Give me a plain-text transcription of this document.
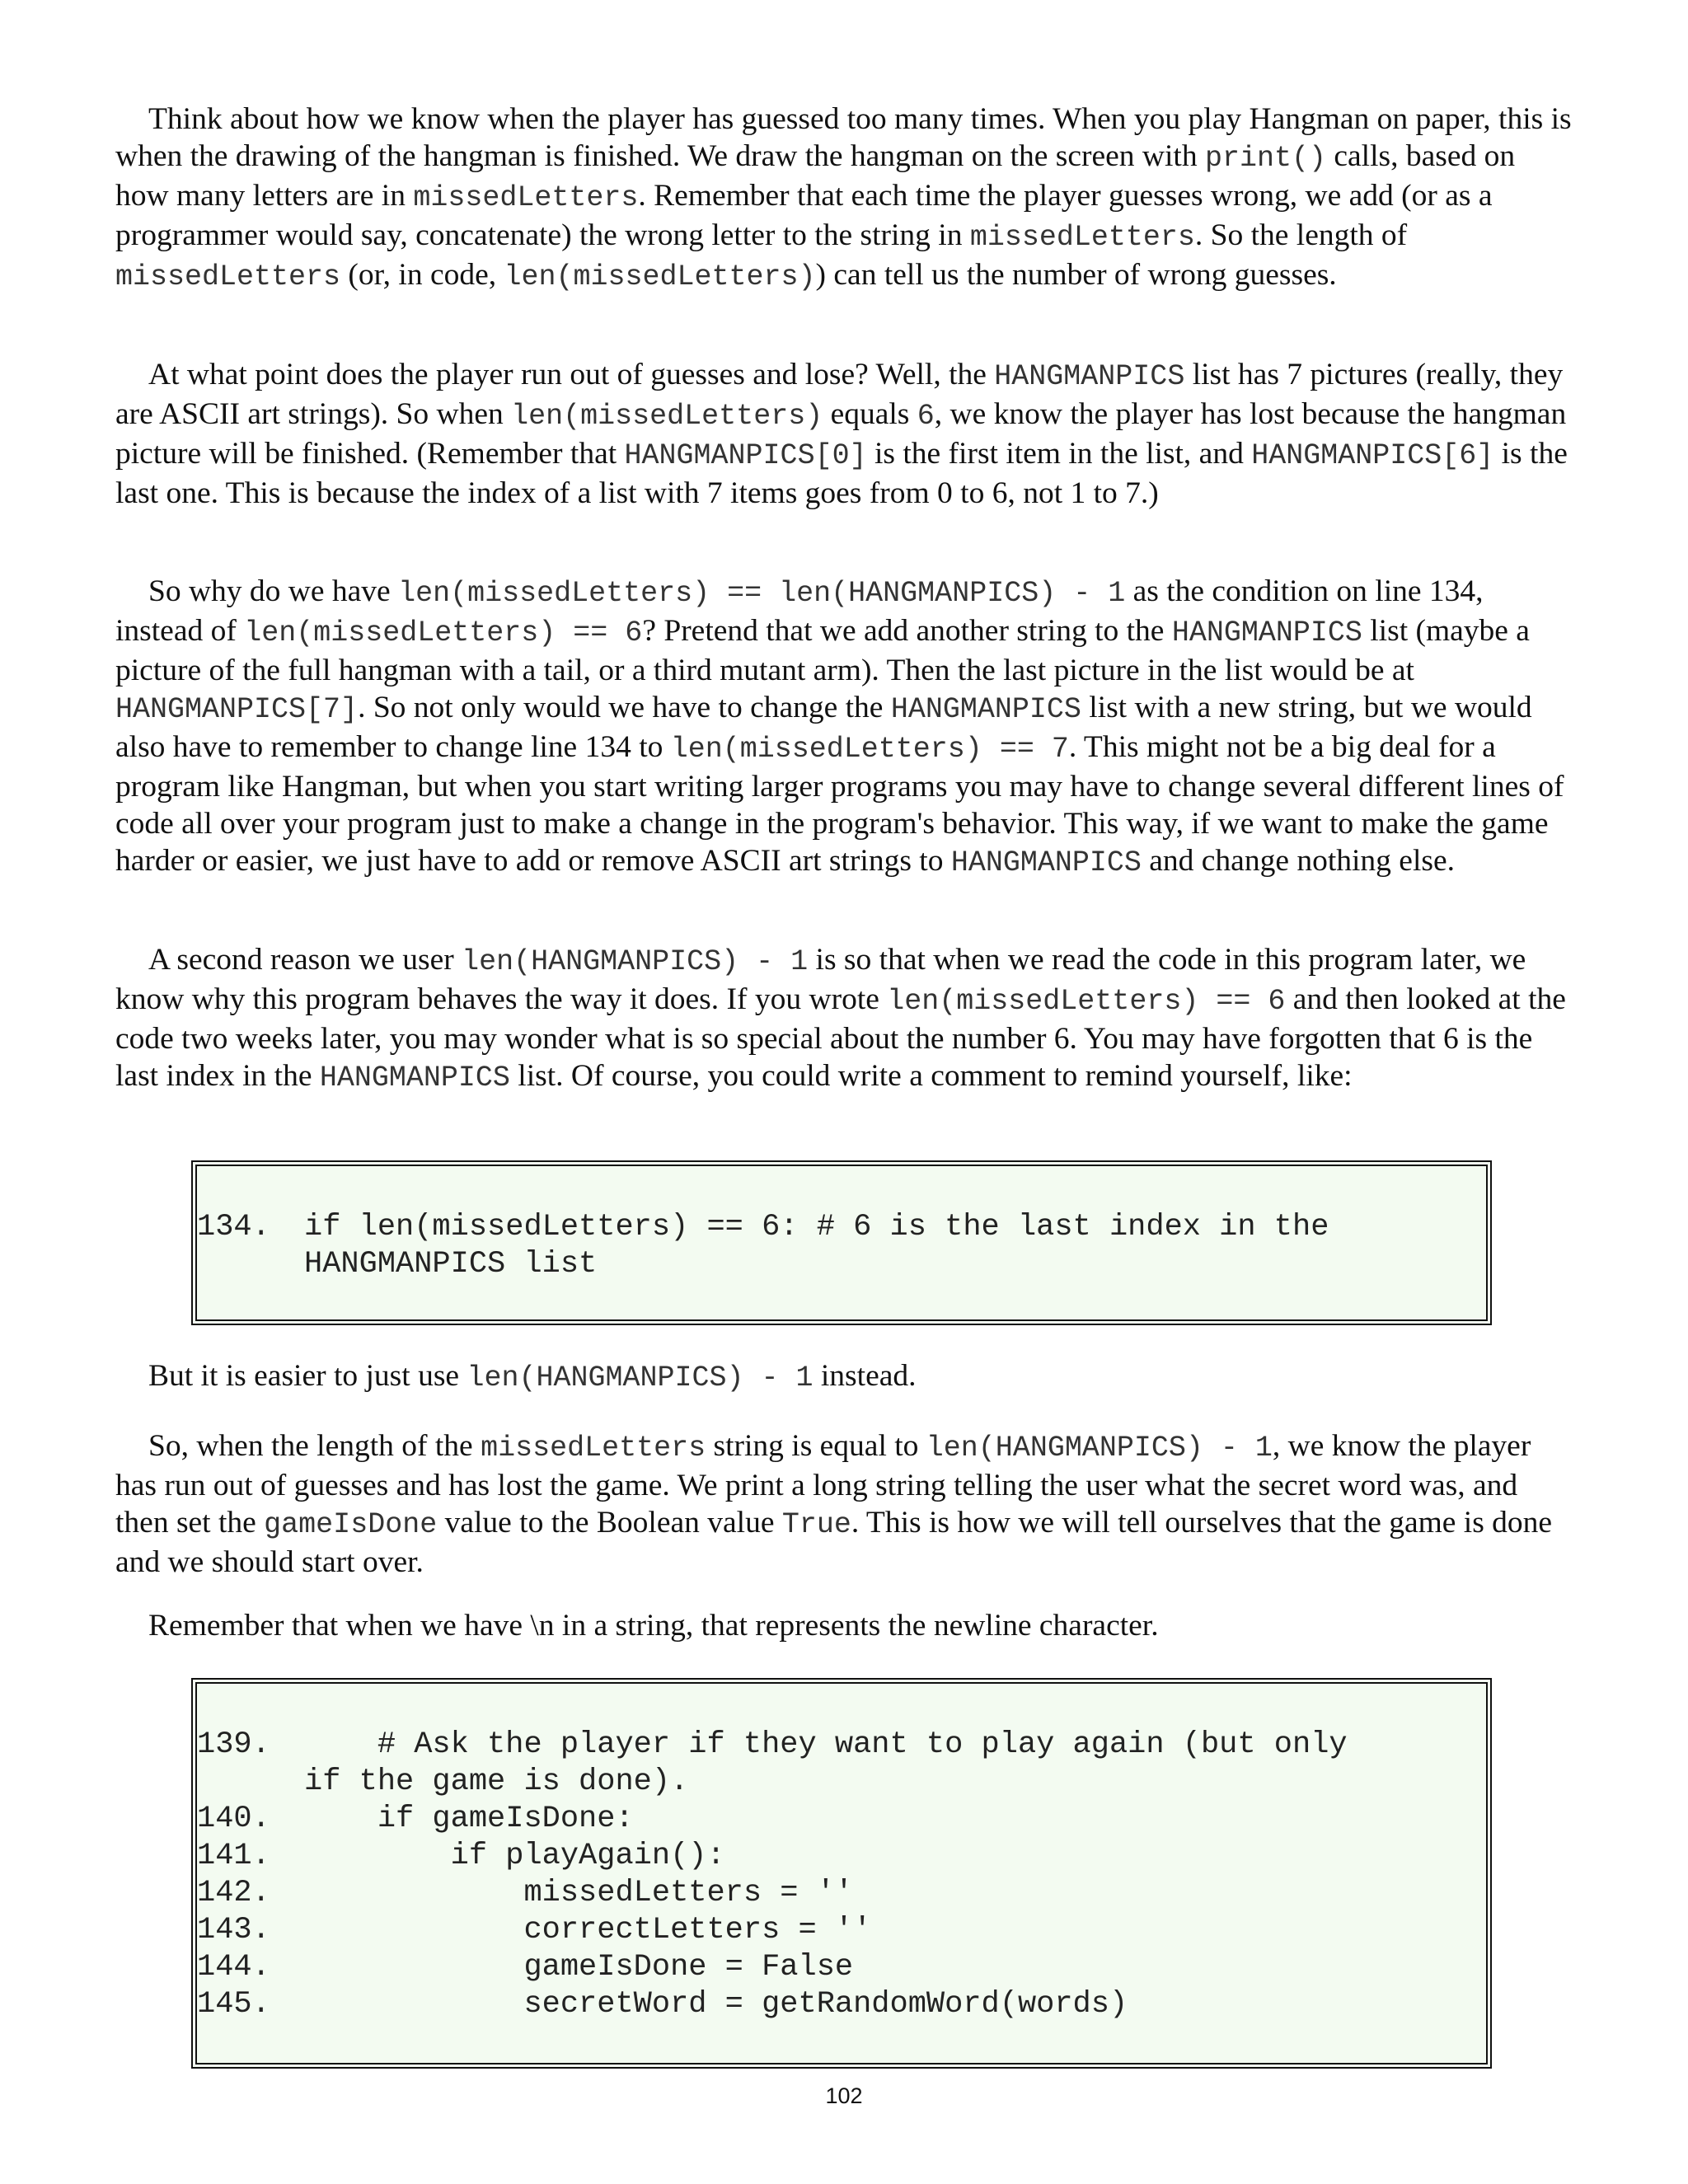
Think about how we know when the player has guessed too many times. When you play Hangman on paper, this is when the drawing of the hangman is finished. We draw the hangman on the screen with print() calls, based on how many letters are in missedLetters. Remember that each time the player guesses wrong, we add (or as a programmer would say, concatenate) the wrong letter to the string in missedLetters. So the length of missedLetters (or, in code, len(missedLetters)) can tell us the number of wrong guesses.

At what point does the player run out of guesses and lose? Well, the HANGMANPICS list has 7 pictures (really, they are ASCII art strings). So when len(missedLetters) equals 6, we know the player has lost because the hangman picture will be finished. (Remember that HANGMANPICS[0] is the first item in the list, and HANGMANPICS[6] is the last one. This is because the index of a list with 7 items goes from 0 to 6, not 1 to 7.)

So why do we have len(missedLetters) == len(HANGMANPICS) - 1 as the condition on line 134, instead of len(missedLetters) == 6? Pretend that we add another string to the HANGMANPICS list (maybe a picture of the full hangman with a tail, or a third mutant arm). Then the last picture in the list would be at HANGMANPICS[7]. So not only would we have to change the HANGMANPICS list with a new string, but we would also have to remember to change line 134 to len(missedLetters) == 7. This might not be a big deal for a program like Hangman, but when you start writing larger programs you may have to change several different lines of code all over your program just to make a change in the program's behavior. This way, if we want to make the game harder or easier, we just have to add or remove ASCII art strings to HANGMANPICS and change nothing else.

A second reason we user len(HANGMANPICS) - 1 is so that when we read the code in this program later, we know why this program behaves the way it does. If you wrote len(missedLetters) == 6 and then looked at the code two weeks later, you may wonder what is so special about the number 6. You may have forgotten that 6 is the last index in the HANGMANPICS list. Of course, you could write a comment to remind yourself, like:

134. if len(missedLetters) == 6: # 6 is the last index in the
HANGMANPICS list

But it is easier to just use len(HANGMANPICS) - 1 instead.

So, when the length of the missedLetters string is equal to len(HANGMANPICS) - 1, we know the player has run out of guesses and has lost the game. We print a long string telling the user what the secret word was, and then set the gameIsDone value to the Boolean value True. This is how we will tell ourselves that the game is done and we should start over.

Remember that when we have \n in a string, that represents the newline character.

139. # Ask the player if they want to play again (but only
if the game is done).
140. if gameIsDone:
141. if playAgain():
142. missedLetters = ''
143. correctLetters = ''
144. gameIsDone = False
145. secretWord = getRandomWord(words)
102
